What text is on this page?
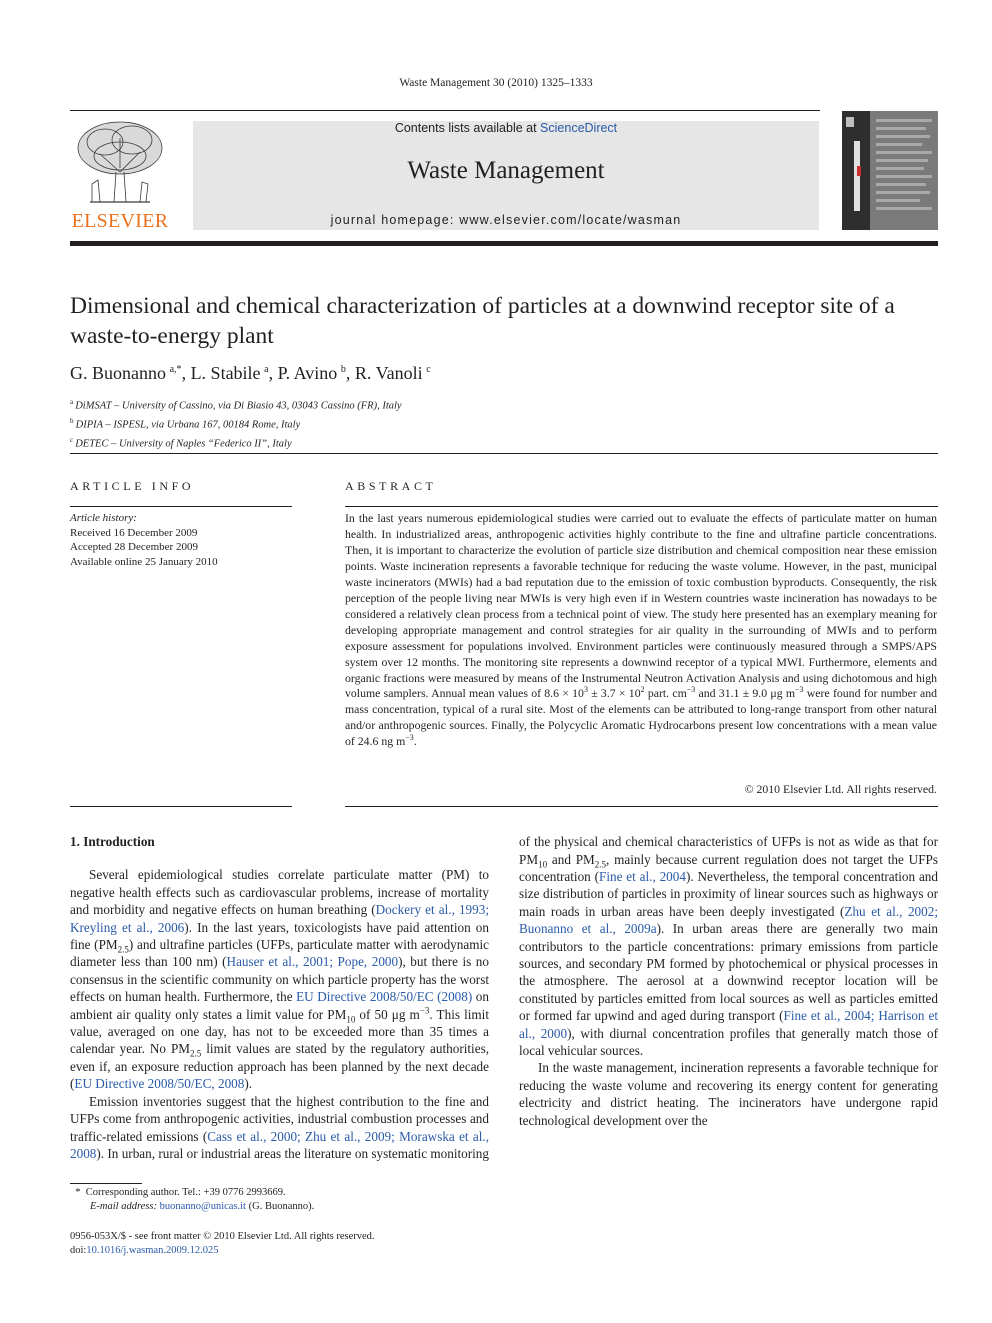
Waste Management 30 (2010) 1325–1333
ELSEVIER
Contents lists available at ScienceDirect
Waste Management
journal homepage: www.elsevier.com/locate/wasman
Dimensional and chemical characterization of particles at a downwind receptor site of a waste-to-energy plant
G. Buonanno  $^{a,*}$, L. Stabile  $^a$, P. Avino  $^b$, R. Vanoli  $^c$
$^a$  DiMSAT – University of Cassino, via Di Biasio 43, 03043 Cassino (FR), Italy
$^b$  DIPIA – ISPESL, via Urbana 167, 00184 Rome, Italy
$^c$  DETEC – University of Naples “Federico II”, Italy
ARTICLE INFO
Article history:
Received 16 December 2009
Accepted 28 December 2009
Available online 25 January 2010
ABSTRACT
In the last years numerous epidemiological studies were carried out to evaluate the effects of particulate matter on human health. In industrialized areas, anthropogenic activities highly contribute to the fine and ultrafine particle concentrations. Then, it is important to characterize the evolution of particle size distribution and chemical composition near these emission points. Waste incineration represents a favorable technique for reducing the waste volume. However, in the past, municipal waste incinerators (MWIs) had a bad reputation due to the emission of toxic combustion byproducts. Consequently, the risk perception of the people living near MWIs is very high even if in Western countries waste incineration has nowadays to be considered a relatively clean process from a technical point of view. The study here presented has an exemplary meaning for developing appropriate management and control strategies for air quality in the surrounding of MWIs and to perform exposure assessment for populations involved. Environment particles were continuously measured through a SMPS/APS system over 12 months. The monitoring site represents a downwind receptor of a typical MWI. Furthermore, elements and organic fractions were measured by means of the Instrumental Neutron Activation Analysis and using dichotomous and high volume samplers. Annual mean values of $8.6 \times 10^3 \pm 3.7 \times 10^2$ part. $cm^{-3}$ and 31.1 ± 9.0 μg $m^{-3}$ were found for number and mass concentration, typical of a rural site. Most of the elements can be attributed to long-range transport from other natural and/or anthropogenic sources. Finally, the Polycyclic Aromatic Hydrocarbons present low concentrations with a mean value of 24.6 ng $m^{-3}$.
© 2010 Elsevier Ltd. All rights reserved.

1. Introduction

Several epidemiological studies correlate particulate matter (PM) to negative health effects such as cardiovascular problems, increase of mortality and morbidity and negative effects on human breathing (Dockery et al., 1993; Kreyling et al., 2006). In the last years, toxicologists have paid attention on fine $(PM_{2.5})$ and ultrafine particles (UFPs, particulate matter with aerodynamic diameter less than 100 nm) (Hauser et al., 2001; Pope, 2000), but there is no consensus in the scientific community on which particle property has the worst effects on human health. Furthermore, the EU Directive 2008/50/EC (2008) on ambient air quality only states a limit value for $PM_{10}$ of 50 μg $m^{-3}$. This limit value, averaged on one day, has not to be exceeded more than 35 times a calendar year. No $PM_{2.5}$ limit values are stated by the regulatory authorities, even if, an exposure reduction approach has been planned by the next decade (EU Directive 2008/50/EC, 2008).

Emission inventories suggest that the highest contribution to the fine and UFPs come from anthropogenic activities, industrial combustion processes and traffic-related emissions (Cass et al., 2000; Zhu et al., 2009; Morawska et al., 2008). In urban, rural or industrial areas the literature on systematic monitoring

of the physical and chemical characteristics of UFPs is not as wide as that for $PM_{10}$ and $PM_{2.5}$, mainly because current regulation does not target the UFPs concentration (Fine et al., 2004). Nevertheless, the temporal concentration and size distribution of particles in proximity of linear sources such as highways or main roads in urban areas have been deeply investigated (Zhu et al., 2002; Buonanno et al., 2009a). In urban areas there are generally two main contributors to the particle concentrations: primary emissions from particle sources, and secondary PM formed by photochemical or physical processes in the atmosphere. The aerosol at a downwind receptor location will be constituted by particles emitted from local sources as well as particles emitted or formed far upwind and aged during transport (Fine et al., 2004; Harrison et al., 2000), with diurnal concentration profiles that generally match those of local vehicular sources.

In the waste management, incineration represents a favorable technique for reducing the waste volume and recovering its energy content for generating electricity and district heating. The incinerators have undergone rapid technological development over the

* Corresponding author. Tel.: +39 0776 2993669.
E-mail address: buonanno@unicas.it (G. Buonanno).
0956-053X/$ - see front matter © 2010 Elsevier Ltd. All rights reserved.
doi:10.1016/j.wasman.2009.12.025
